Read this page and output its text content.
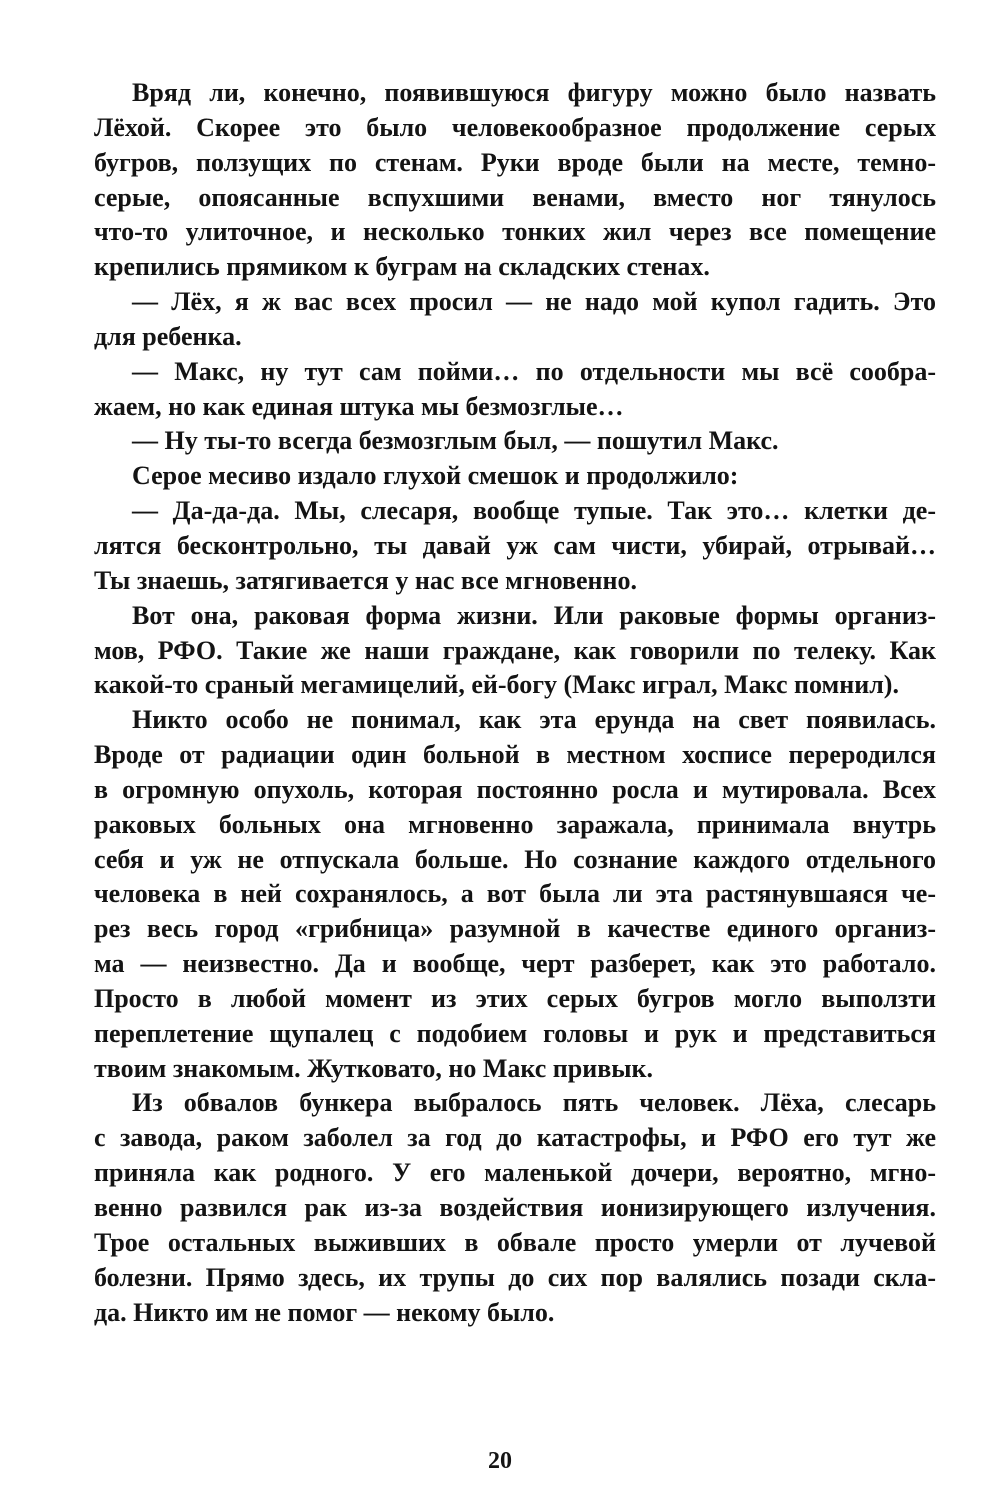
Вряд ли, конечно, появившуюся фигуру можно было назвать
Лёхой. Скорее это было человекообразное продолжение серых
бугров, ползущих по стенам. Руки вроде были на месте, темно-
серые, опоясанные вспухшими венами, вместо ног тянулось
что-то улиточное, и несколько тонких жил через все помещение
крепились прямиком к буграм на складских стенах.
— Лёх, я ж вас всех просил — не надо мой купол гадить. Это
для ребенка.
— Макс, ну тут сам пойми… по отдельности мы всё сообра-
жаем, но как единая штука мы безмозглые…
— Ну ты-то всегда безмозглым был, — пошутил Макс.
Серое месиво издало глухой смешок и продолжило:
— Да-да-да. Мы, слесаря, вообще тупые. Так это… клетки де-
лятся бесконтрольно, ты давай уж сам чисти, убирай, отрывай…
Ты знаешь, затягивается у нас все мгновенно.
Вот она, раковая форма жизни. Или раковые формы организ-
мов, РФО. Такие же наши граждане, как говорили по телеку. Как
какой-то сраный мегамицелий, ей-богу (Макс играл, Макс помнил).
Никто особо не понимал, как эта ерунда на свет появилась.
Вроде от радиации один больной в местном хосписе переродился
в огромную опухоль, которая постоянно росла и мутировала. Всех
раковых больных она мгновенно заражала, принимала внутрь
себя и уж не отпускала больше. Но сознание каждого отдельного
человека в ней сохранялось, а вот была ли эта растянувшаяся че-
рез весь город «грибница» разумной в качестве единого организ-
ма — неизвестно. Да и вообще, черт разберет, как это работало.
Просто в любой момент из этих серых бугров могло выползти
переплетение щупалец с подобием головы и рук и представиться
твоим знакомым. Жутковато, но Макс привык.
Из обвалов бункера выбралось пять человек. Лёха, слесарь
с завода, раком заболел за год до катастрофы, и РФО его тут же
приняла как родного. У его маленькой дочери, вероятно, мгно-
венно развился рак из-за воздействия ионизирующего излучения.
Трое остальных выживших в обвале просто умерли от лучевой
болезни. Прямо здесь, их трупы до сих пор валялись позади скла-
да. Никто им не помог — некому было.
20
